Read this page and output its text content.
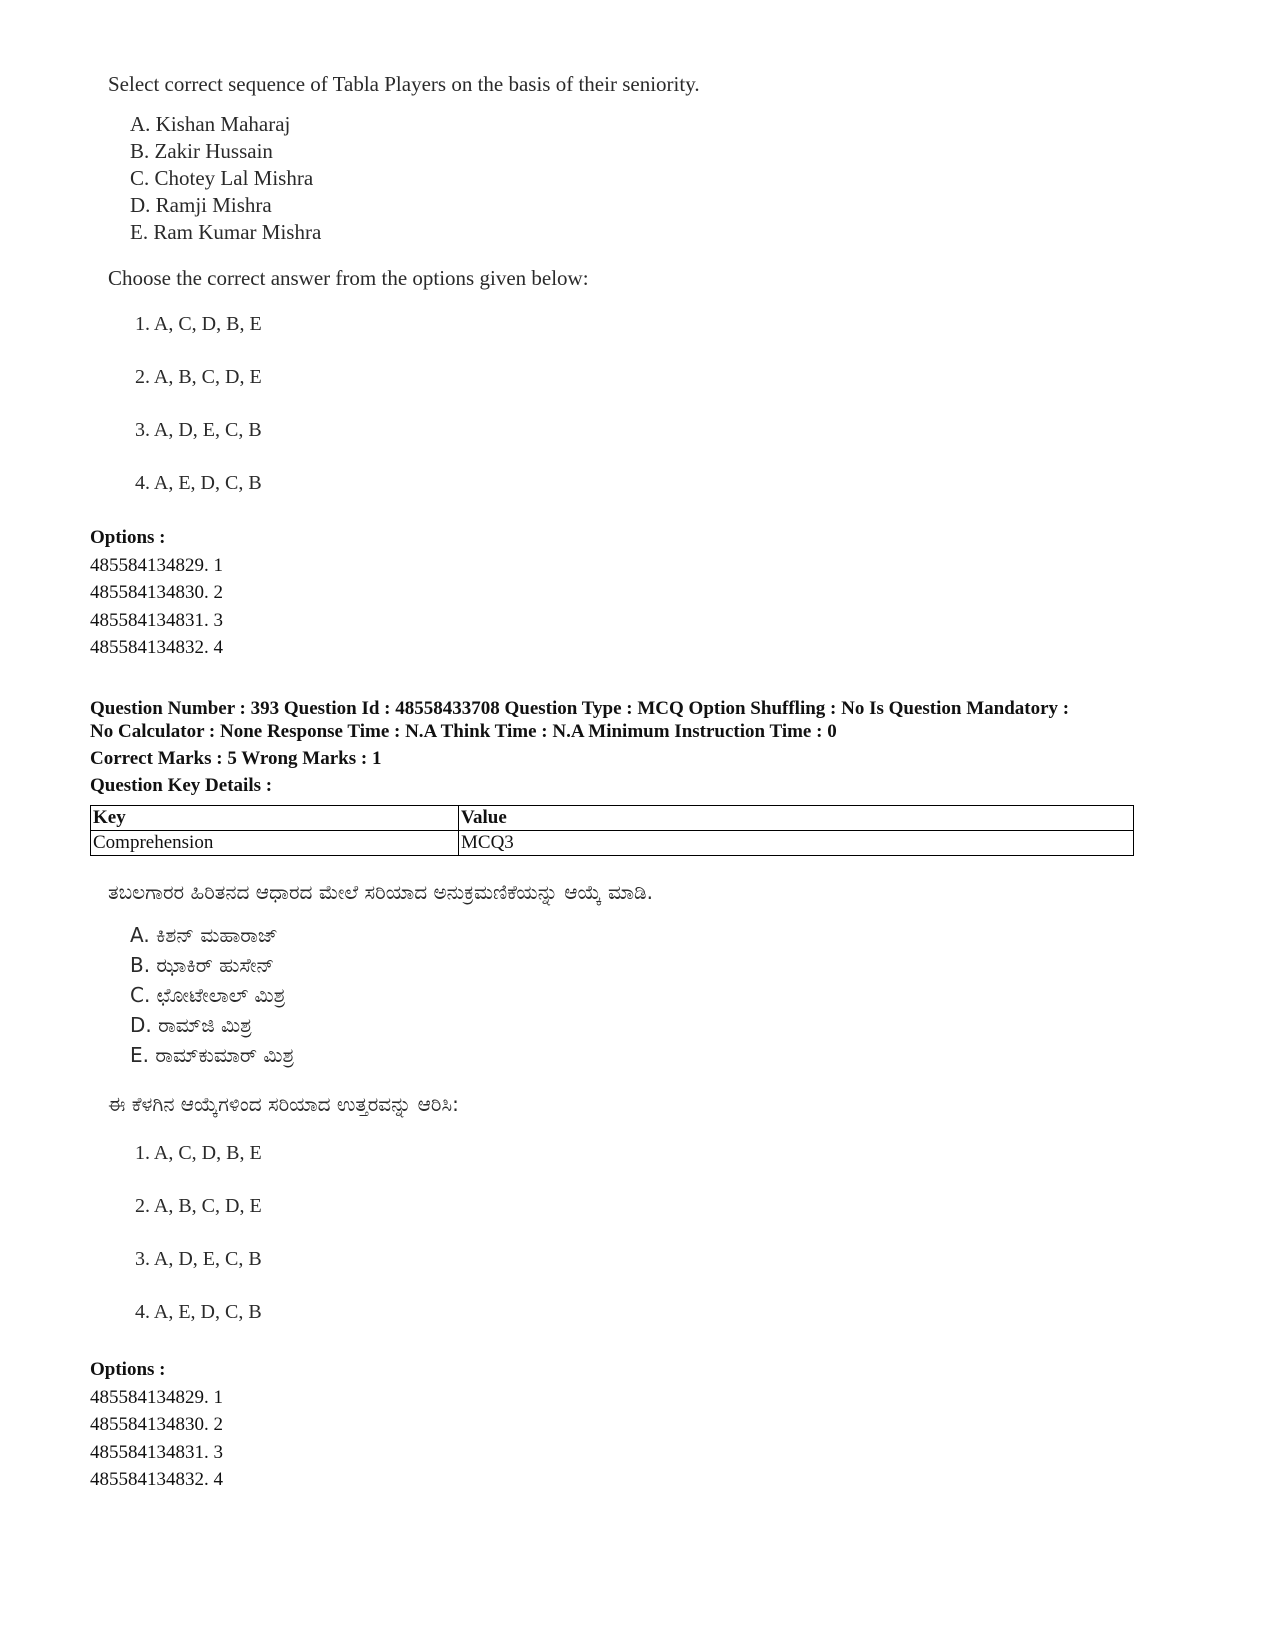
Select correct sequence of Tabla Players on the basis of their seniority.

A. Kishan Maharaj
B. Zakir Hussain
C. Chotey Lal Mishra
D. Ramji Mishra
E. Ram Kumar Mishra

Choose the correct answer from the options given below:

1. A, C, D, B, E
2. A, B, C, D, E
3. A, D, E, C, B
4. A, E, D, C, B
Options :
485584134829. 1
485584134830. 2
485584134831. 3
485584134832. 4
Question Number : 393 Question Id : 48558433708 Question Type : MCQ Option Shuffling : No Is Question Mandatory :
No Calculator : None Response Time : N.A Think Time : N.A Minimum Instruction Time : 0
Correct Marks : 5 Wrong Marks : 1
Question Key Details :
Key	Value
Comprehension	MCQ3

ತಬಲಗಾರರ ಹಿರಿತನದ ಆಧಾರದ ಮೇಲೆ ಸರಿಯಾದ ಅನುಕ್ರಮಣಿಕೆಯನ್ನು ಆಯ್ಕೆ ಮಾಡಿ.

A. ಕಿಶನ್ ಮಹಾರಾಜ್
B. ಝಾಕಿರ್ ಹುಸೇನ್
C. ಛೋಟೇಲಾಲ್ ಮಿಶ್ರ
D. ರಾಮ್‌ಜಿ ಮಿಶ್ರ
E. ರಾಮ್‌ಕುಮಾರ್ ಮಿಶ್ರ

ಈ ಕೆಳಗಿನ ಆಯ್ಕೆಗಳಿಂದ ಸರಿಯಾದ ಉತ್ತರವನ್ನು ಆರಿಸಿ:

1. A, C, D, B, E
2. A, B, C, D, E
3. A, D, E, C, B
4. A, E, D, C, B
Options :
485584134829. 1
485584134830. 2
485584134831. 3
485584134832. 4
